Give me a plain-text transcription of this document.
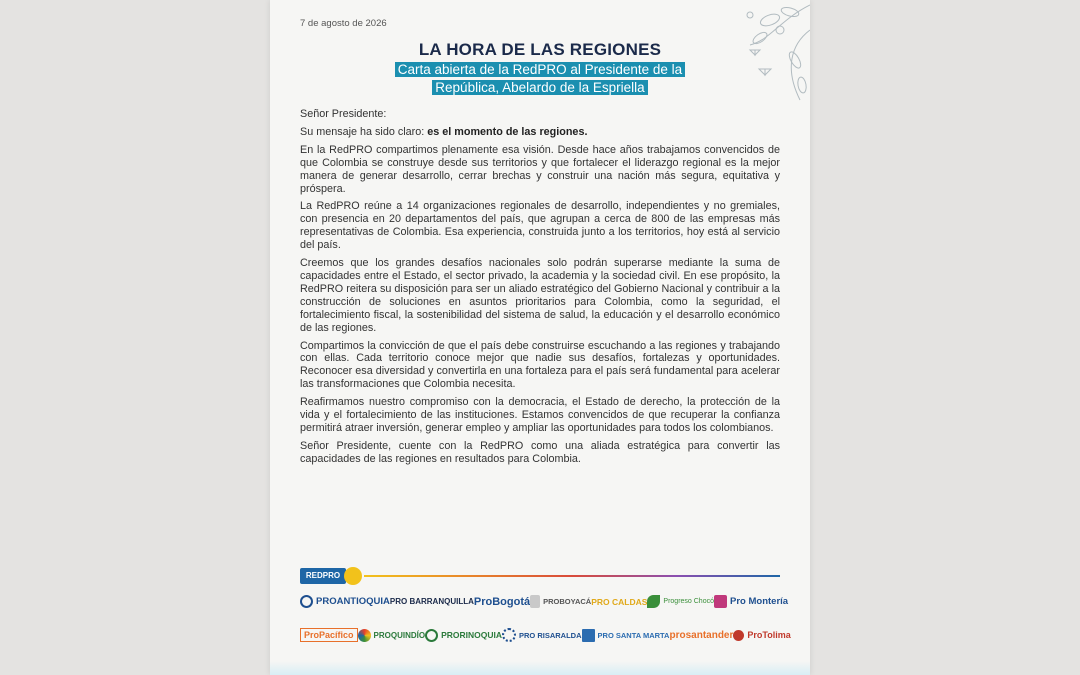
7 de agosto de 2026
LA HORA DE LAS REGIONES
Carta abierta de la RedPRO al Presidente de la
República, Abelardo de la Espriella

Señor Presidente:

Su mensaje ha sido claro: es el momento de las regiones.

En la RedPRO compartimos plenamente esa visión. Desde hace años trabajamos convencidos de que Colombia se construye desde sus territorios y que fortalecer el liderazgo regional es la mejor manera de generar desarrollo, cerrar brechas y construir una nación más segura, equitativa y próspera.

La RedPRO reúne a 14 organizaciones regionales de desarrollo, independientes y no gremiales, con presencia en 20 departamentos del país, que agrupan a cerca de 800 de las empresas más representativas de Colombia. Esa experiencia, construida junto a los territorios, hoy está al servicio del país.

Creemos que los grandes desafíos nacionales solo podrán superarse mediante la suma de capacidades entre el Estado, el sector privado, la academia y la sociedad civil. En ese propósito, la RedPRO reitera su disposición para ser un aliado estratégico del Gobierno Nacional y contribuir a la construcción de soluciones en asuntos prioritarios para Colombia, como la seguridad, el fortalecimiento fiscal, la sostenibilidad del sistema de salud, la educación y el desarrollo económico de las regiones.

Compartimos la convicción de que el país debe construirse escuchando a las regiones y trabajando con ellas. Cada territorio conoce mejor que nadie sus desafíos, fortalezas y oportunidades. Reconocer esa diversidad y convertirla en una fortaleza para el país será fundamental para acelerar las transformaciones que Colombia necesita.

Reafirmamos nuestro compromiso con la democracia, el Estado de derecho, la protección de la vida y el fortalecimiento de las instituciones. Estamos convencidos de que recuperar la confianza permitirá atraer inversión, generar empleo y ampliar las oportunidades para todos los colombianos.

Señor Presidente, cuente con la RedPRO como una aliada estratégica para convertir las capacidades de las regiones en resultados para Colombia.

REDPRO
PROANTIOQUIA PRO BARRANQUILLA ProBogotá PROBOYACÁ PRO CALDAS Progreso Chocó Pro Montería
ProPacífico	PROQUINDÍO PRORINOQUIA PRO RISARALDA PRO SANTA MARTA prosantander ProTolima
